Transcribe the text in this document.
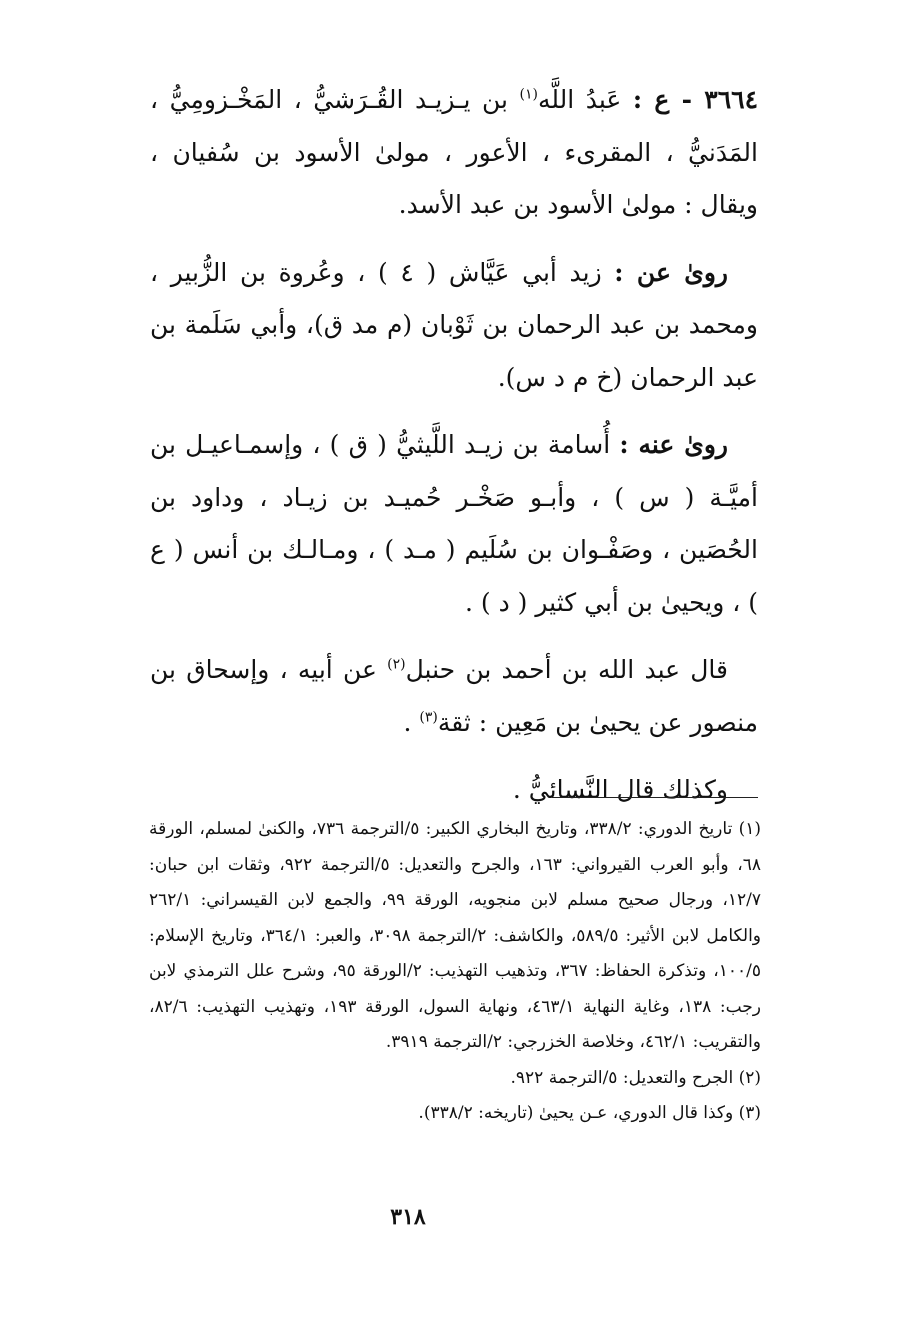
٣٦٦٤ - ع : عَبدُ اللَّه$^{(١)}$ بن يـزيـد القُـرَشيُّ ، المَخْـزومِيُّ ، المَدَنيُّ ، المقرىء ، الأعور ، مولىٰ الأسود بن سُفيان ، ويقال : مولىٰ الأسود بن عبد الأسد.

روىٰ عن : زيد أبي عَيَّاش ( ٤ ) ، وعُروة بن الزُّبير ، ومحمد بن عبد الرحمان بن ثَوْبان (م مد ق)، وأبي سَلَمة بن عبد الرحمان (خ م د س).

روىٰ عنه : أُسامة بن زيـد اللَّيثيُّ ( ق ) ، وإسمـاعيـل بن أميَّـة ( س ) ، وأبـو صَخْـر حُميـد بن زيـاد ، وداود بن الحُصَين ، وصَفْـوان بن سُلَيم ( مـد ) ، ومـالـك بن أنس ( ع ) ، ويحيىٰ بن أبي كثير ( د ) .

قال عبد الله بن أحمد بن حنبل$^{(٢)}$ عن أبيه ، وإسحاق بن منصور عن يحيىٰ بن مَعِين : ثقة$^{(٣)}$ .

وكذلك قال النَّسائيُّ .

(١) تاريخ الدوري: ٣٣٨/٢، وتاريخ البخاري الكبير: ٥/الترجمة ٧٣٦، والكنىٰ لمسلم، الورقة ٦٨، وأبو العرب القيرواني: ١٦٣، والجرح والتعديل: ٥/الترجمة ٩٢٢، وثقات ابن حبان: ١٢/٧، ورجال صحيح مسلم لابن منجويه، الورقة ٩٩، والجمع لابن القيسراني: ٢٦٢/١ والكامل لابن الأثير: ٥٨٩/٥، والكاشف: ٢/الترجمة ٣٠٩٨، والعبر: ٣٦٤/١، وتاريخ الإسلام: ١٠٠/٥، وتذكرة الحفاظ: ٣٦٧، وتذهيب التهذيب: ٢/الورقة ٩٥، وشرح علل الترمذي لابن رجب: ١٣٨، وغاية النهاية ٤٦٣/١، ونهاية السول، الورقة ١٩٣، وتهذيب التهذيب: ٨٢/٦، والتقريب: ٤٦٢/١، وخلاصة الخزرجي: ٢/الترجمة ٣٩١٩.

(٢) الجرح والتعديل: ٥/الترجمة ٩٢٢.

(٣) وكذا قال الدوري، عـن يحيىٰ (تاريخه: ٣٣٨/٢).

٣١٨
